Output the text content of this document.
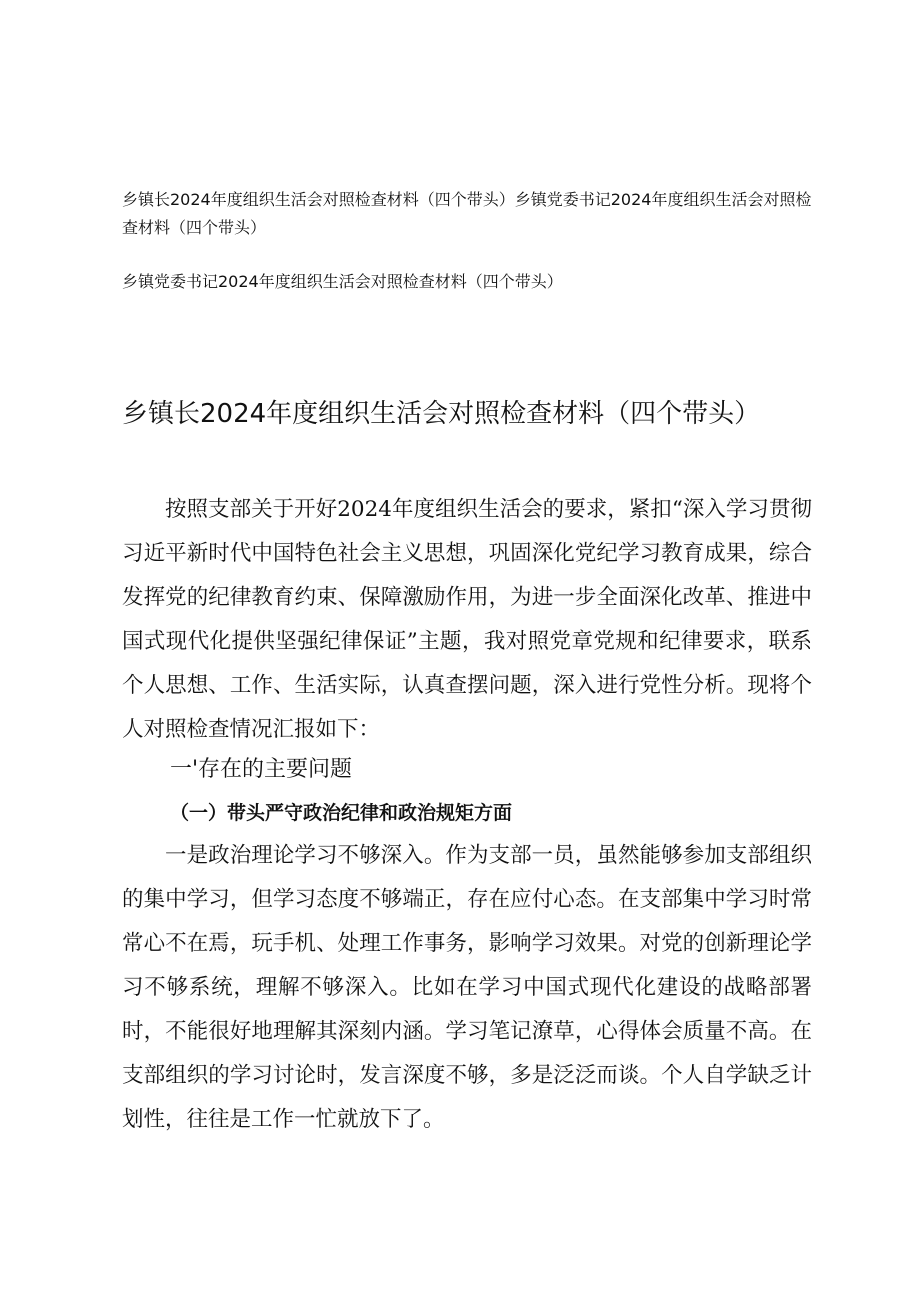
乡镇长2024年度组织生活会对照检查材料（四个带头）乡镇党委书记2024年度组织生活会对照检查材料（四个带头）

乡镇党委书记2024年度组织生活会对照检查材料（四个带头）

乡镇长2024年度组织生活会对照检查材料（四个带头）

按照支部关于开好2024年度组织生活会的要求，紧扣“深入学习贯彻习近平新时代中国特色社会主义思想，巩固深化党纪学习教育成果，综合发挥党的纪律教育约束、保障激励作用，为进一步全面深化改革、推进中国式现代化提供坚强纪律保证”主题，我对照党章党规和纪律要求，联系个人思想、工作、生活实际，认真查摆问题，深入进行党性分析。现将个人对照检查情况汇报如下：

一'存在的主要问题
（一）带头严守政治纪律和政治规矩方面

一是政治理论学习不够深入。作为支部一员，虽然能够参加支部组织的集中学习，但学习态度不够端正，存在应付心态。在支部集中学习时常常心不在焉，玩手机、处理工作事务，影响学习效果。对党的创新理论学习不够系统，理解不够深入。比如在学习中国式现代化建设的战略部署时，不能很好地理解其深刻内涵。学习笔记潦草，心得体会质量不高。在支部组织的学习讨论时，发言深度不够，多是泛泛而谈。个人自学缺乏计划性，往往是工作一忙就放下了。
